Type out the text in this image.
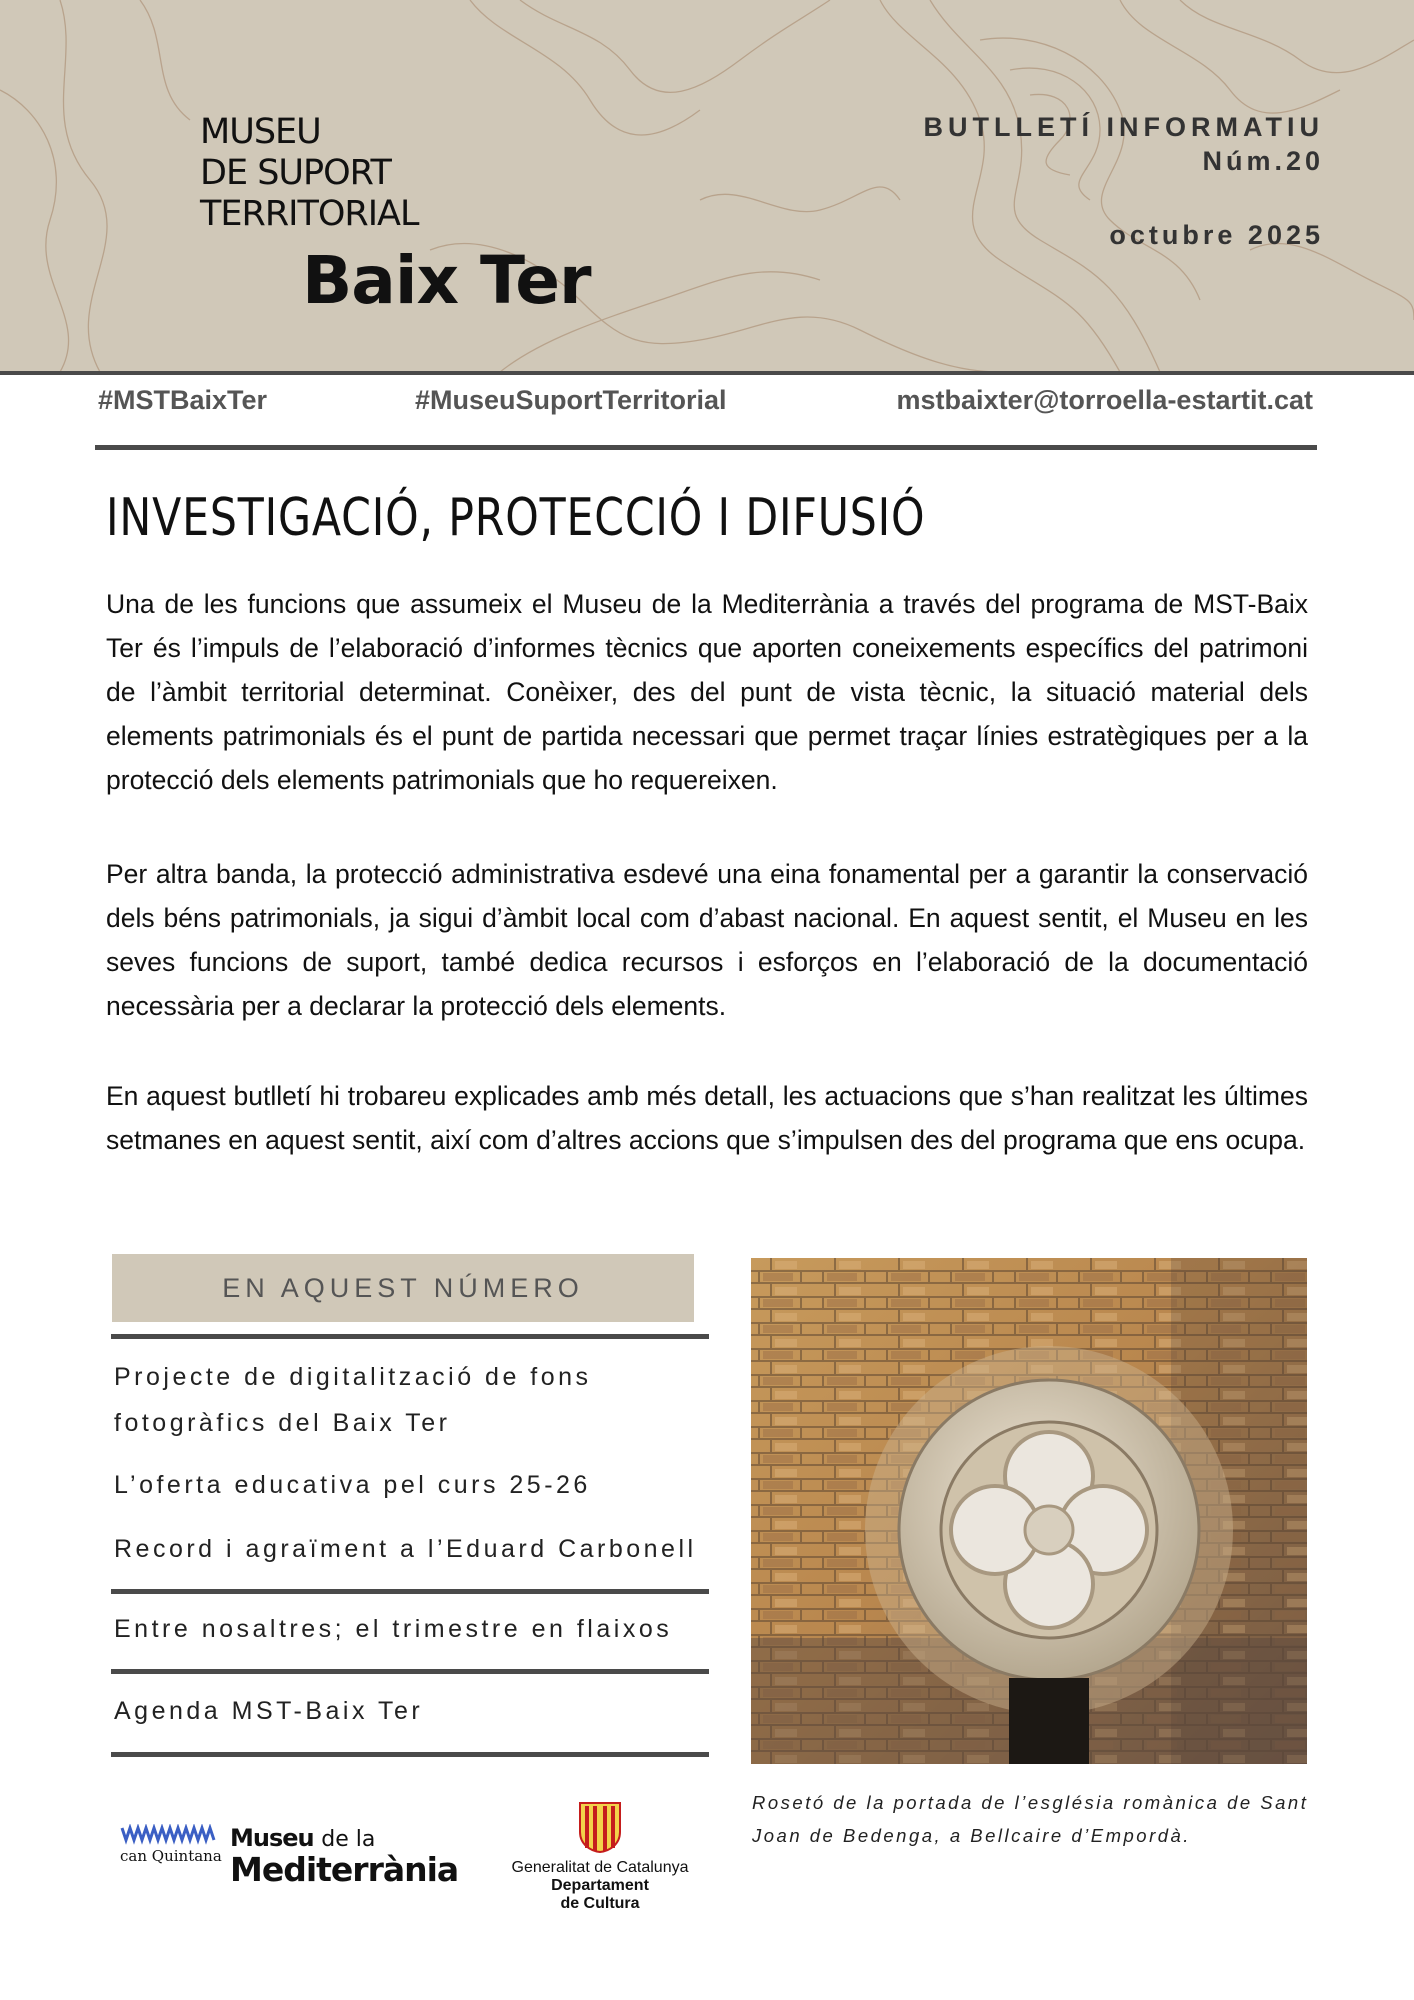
MUSEU
DE SUPORT
TERRITORIAL
Baix Ter
BUTLLETÍ INFORMATIU
Núm.20
octubre 2025
#MSTBaixTer	#MuseuSuportTerritorial	mstbaixter@torroella-estartit.cat
INVESTIGACIÓ, PROTECCIÓ I DIFUSIÓ

Una de les funcions que assumeix el Museu de la Mediterrània a través del programa de MST-Baix Ter és l’impuls de l’elaboració d’informes tècnics que aporten coneixements específics del patrimoni de l’àmbit territorial determinat. Conèixer, des del punt de vista tècnic, la situació material dels elements patrimonials és el punt de partida necessari que permet traçar línies estratègiques per a la protecció dels elements patrimonials que ho requereixen.

Per altra banda, la protecció administrativa esdevé una eina fonamental per a garantir la conservació dels béns patrimonials, ja sigui d’àmbit local com d’abast nacional. En aquest sentit, el Museu en les seves funcions de suport, també dedica recursos i esforços en l’elaboració de la documentació necessària per a declarar la protecció dels elements.

En aquest butlletí hi trobareu explicades amb més detall, les actuacions que s’han realitzat les últimes setmanes en aquest sentit, així com d’altres accions que s’impulsen des del programa que ens ocupa.

EN AQUEST NÚMERO
Projecte de digitalització de fons fotogràfics del Baix Ter
L’oferta educativa pel curs 25-26
Record i agraïment a l’Eduard Carbonell
Entre nosaltres; el trimestre en flaixos
Agenda MST-Baix Ter

Rosetó de la portada de l’església romànica de Sant Joan de Bedenga, a Bellcaire d’Empordà.

can Quintana
Museu de la
Mediterrània	Generalitat de Catalunya
Departament
de Cultura
